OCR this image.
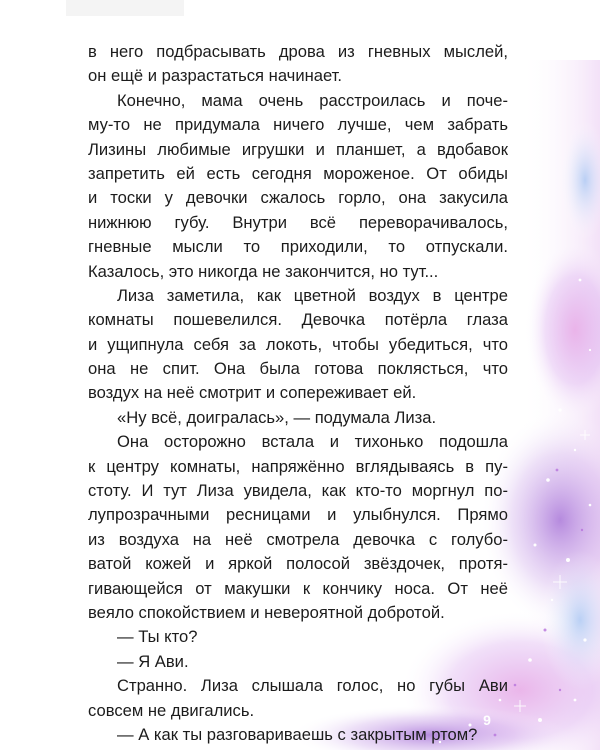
в него подбрасывать дрова из гневных мыслей,
он ещё и разрастаться начинает.
Конечно, мама очень расстроилась и поче-
му-то не придумала ничего лучше, чем забрать
Лизины любимые игрушки и планшет, а вдобавок
запретить ей есть сегодня мороженое. От обиды
и тоски у девочки сжалось горло, она закусила
нижнюю губу. Внутри всё переворачивалось,
гневные мысли то приходили, то отпускали.
Казалось, это никогда не закончится, но тут...
Лиза заметила, как цветной воздух в центре
комнаты пошевелился. Девочка потёрла глаза
и ущипнула себя за локоть, чтобы убедиться, что
она не спит. Она была готова поклясться, что
воздух на неё смотрит и сопереживает ей.
«Ну всё, доигралась», — подумала Лиза.
Она осторожно встала и тихонько подошла
к центру комнаты, напряжённо вглядываясь в пу-
стоту. И тут Лиза увидела, как кто-то моргнул по-
лупрозрачными ресницами и улыбнулся. Прямо
из воздуха на неё смотрела девочка с голубо-
ватой кожей и яркой полосой звёздочек, протя-
гивающейся от макушки к кончику носа. От неё
веяло спокойствием и невероятной добротой.
— Ты кто?
— Я Ави.
Странно. Лиза слышала голос, но губы Ави
совсем не двигались.
— А как ты разговариваешь с закрытым ртом?
9
